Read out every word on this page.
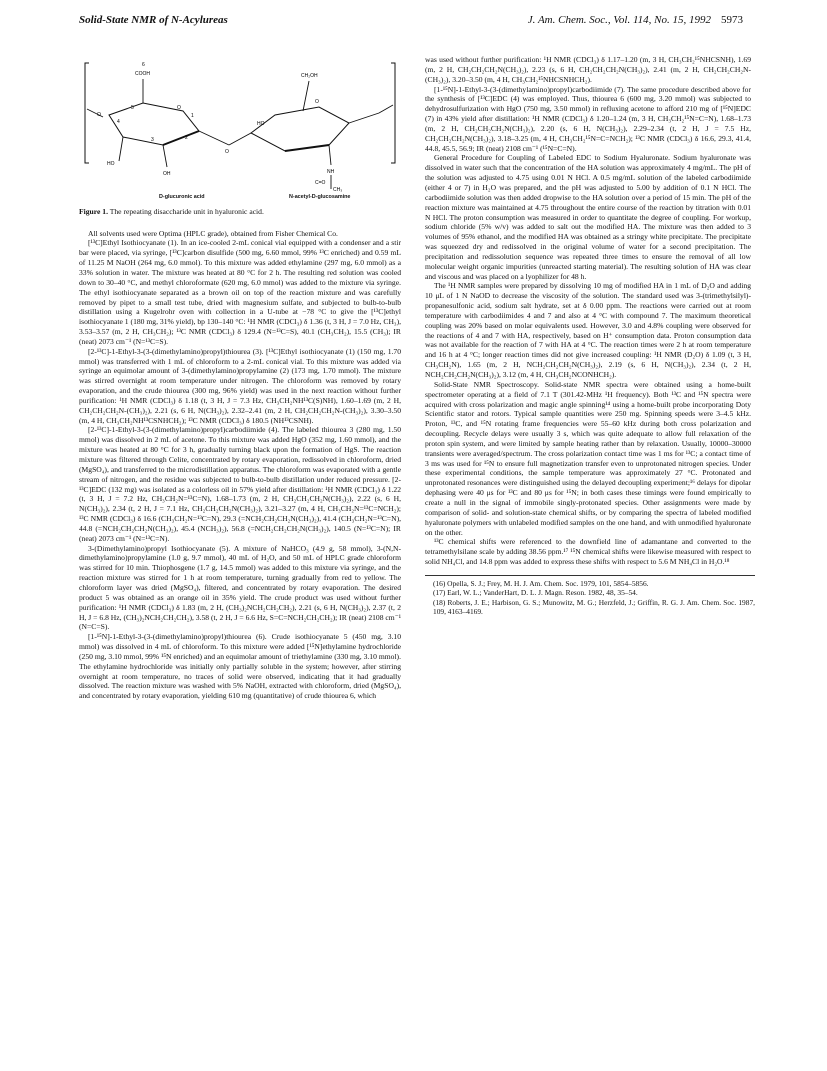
Solid-State NMR of N-Acylureas	J. Am. Chem. Soc., Vol. 114, No. 15, 1992 5973
O
O
COOH
6
5
4
3	2
1
HO
OH
O
O
CH₂OH
HO
NH
C=O
CH₃
D-glucuronic acid	N-acetyl-D-glucosamine

Figure 1. The repeating disaccharide unit in hyaluronic acid.

All solvents used were Optima (HPLC grade), obtained from Fisher Chemical Co.

[¹³C]Ethyl Isothiocyanate (1). In an ice-cooled 2-mL conical vial equipped with a condenser and a stir bar were placed, via syringe, [¹³C]carbon disulfide (500 mg, 6.60 mmol, 99% ¹³C enriched) and 0.59 mL of 11.25 M NaOH (264 mg, 6.0 mmol). To this mixture was added ethylamine (297 mg, 6.0 mmol) as a 33% solution in water. The mixture was heated at 80 °C for 2 h. The resulting red solution was cooled down to 30–40 °C, and methyl chloroformate (620 mg, 6.0 mmol) was added to the mixture via syringe. The ethyl isothiocyanate separated as a brown oil on top of the reaction mixture and was carefully removed by pipet to a small test tube, dried with magnesium sulfate, and subjected to bulb-to-bulb distillation using a Kugelrohr oven with collection in a U-tube at −78 °C to give the [¹³C]ethyl isothiocyanate 1 (180 mg, 31% yield), bp 130–140 °C: ¹H NMR (CDCl₃) δ 1.36 (t, 3 H, J = 7.0 Hz, CH₃), 3.53–3.57 (m, 2 H, CH₃CH₂); ¹³C NMR (CDCl₃) δ 129.4 (N=¹³C=S), 40.1 (CH₃CH₂), 15.5 (CH₃); IR (neat) 2073 cm⁻¹ (N=¹³C=S).

[2-¹³C]-1-Ethyl-3-(3-(dimethylamino)propyl)thiourea (3). [¹³C]Ethyl isothiocyanate (1) (150 mg, 1.70 mmol) was transferred with 1 mL of chloroform to a 2-mL conical vial. To this mixture was added via syringe an equimolar amount of 3-(dimethylamino)propylamine (2) (173 mg, 1.70 mmol). The mixture was stirred overnight at room temperature under nitrogen. The chloroform was removed by rotary evaporation, and the crude thiourea (300 mg, 96% yield) was used in the next reaction without further purification: ¹H NMR (CDCl₃) δ 1.18 (t, 3 H, J = 7.3 Hz, CH₃CH₂NH¹³C(S)NH), 1.60–1.69 (m, 2 H, CH₂CH₂CH₂N-(CH₃)₂), 2.21 (s, 6 H, N(CH₃)₂), 2.32–2.41 (m, 2 H, CH₂CH₂CH₂N-(CH₃)₂), 3.30–3.50 (m, 4 H, CH₃CH₂NH¹³CSNHCH₂); ¹³C NMR (CDCl₃) δ 180.5 (NH¹³CSNH).

[2-¹³C]-1-Ethyl-3-(3-(dimethylamino)propyl)carbodiimide (4). The labeled thiourea 3 (280 mg, 1.50 mmol) was dissolved in 2 mL of acetone. To this mixture was added HgO (352 mg, 1.60 mmol), and the mixture was heated at 80 °C for 3 h, gradually turning black upon the formation of HgS. The reaction mixture was filtered through Celite, concentrated by rotary evaporation, redissolved in chloroform, dried (MgSO₄), and transferred to the microdistillation apparatus. The chloroform was evaporated with a gentle stream of nitrogen, and the residue was subjected to bulb-to-bulb distillation under reduced pressure. [2-¹³C]EDC (132 mg) was isolated as a colorless oil in 57% yield after distillation: ¹H NMR (CDCl₃) δ 1.22 (t, 3 H, J = 7.2 Hz, CH₃CH₂N=¹³C=N), 1.68–1.73 (m, 2 H, CH₂CH₂CH₂N(CH₃)₂), 2.22 (s, 6 H, N(CH₃)₂), 2.34 (t, 2 H, J = 7.1 Hz, CH₂CH₂CH₂N(CH₃)₂), 3.21–3.27 (m, 4 H, CH₃CH₂N=¹³C=NCH₂); ¹³C NMR (CDCl₃) δ 16.6 (CH₃CH₂N=¹³C=N), 29.3 (=NCH₂CH₂CH₂N(CH₃)₂), 41.4 (CH₃CH₂N=¹³C=N), 44.8 (=NCH₂CH₂CH₂N(CH₃)₂), 45.4 (NCH₃)₂), 56.8 (=NCH₂CH₂CH₂N(CH₃)₂), 140.5 (N=¹³C=N); IR (neat) 2073 cm⁻¹ (N=¹³C=N).

3-(Dimethylamino)propyl Isothiocyanate (5). A mixture of NaHCO₃ (4.9 g, 58 mmol), 3-(N,N-dimethylamino)propylamine (1.0 g, 9.7 mmol), 40 mL of H₂O, and 50 mL of HPLC grade chloroform was stirred for 10 min. Thiophosgene (1.7 g, 14.5 mmol) was added to this mixture via syringe, and the reaction mixture was stirred for 1 h at room temperature, turning gradually from red to yellow. The chloroform layer was dried (MgSO₄), filtered, and concentrated by rotary evaporation. The desired product 5 was obtained as an orange oil in 35% yield. The crude product was used without further purification: ¹H NMR (CDCl₃) δ 1.83 (m, 2 H, (CH₃)₂NCH₂CH₂CH₂), 2.21 (s, 6 H, N(CH₃)₂), 2.37 (t, 2 H, J = 6.8 Hz, (CH₃)₂NCH₂CH₂CH₂), 3.58 (t, 2 H, J = 6.6 Hz, S=C=NCH₂CH₂CH₂); IR (neat) 2108 cm⁻¹ (N=C=S).

[1-¹⁵N]-1-Ethyl-3-(3-(dimethylamino)propyl)thiourea (6). Crude isothiocyanate 5 (450 mg, 3.10 mmol) was dissolved in 4 mL of chloroform. To this mixture were added [¹⁵N]ethylamine hydrochloride (250 mg, 3.10 mmol, 99% ¹⁵N enriched) and an equimolar amount of triethylamine (330 mg, 3.10 mmol). The ethylamine hydrochloride was initially only partially soluble in the system; however, after stirring overnight at room temperature, no traces of solid were observed, indicating that it had gradually dissolved. The reaction mixture was washed with 5% NaOH, extracted with chloroform, dried (MgSO₄), and concentrated by rotary evaporation, yielding 610 mg (quantitative) of crude thiourea 6, which

was used without further purification: ¹H NMR (CDCl₃) δ 1.17–1.20 (m, 3 H, CH₃CH₂¹⁵NHCSNH), 1.69 (m, 2 H, CH₂CH₂CH₂N(CH₃)₂), 2.23 (s, 6 H, CH₂CH₂CH₂N(CH₃)₂), 2.41 (m, 2 H, CH₂CH₂CH₂N-(CH₃)₂), 3.20–3.50 (m, 4 H, CH₃CH₂¹⁵NHCSNHCH₂).

[1-¹⁵N]-1-Ethyl-3-(3-(dimethylamino)propyl)carbodiimide (7). The same procedure described above for the synthesis of [¹³C]EDC (4) was employed. Thus, thiourea 6 (600 mg, 3.20 mmol) was subjected to dehydrosulfurization with HgO (750 mg, 3.50 mmol) in refluxing acetone to afford 210 mg of [¹⁵N]EDC (7) in 43% yield after distillation: ¹H NMR (CDCl₃) δ 1.20–1.24 (m, 3 H, CH₃CH₂¹⁵N=C=N), 1.68–1.73 (m, 2 H, CH₂CH₂CH₂N(CH₃)₂), 2.20 (s, 6 H, N(CH₃)₂), 2.29–2.34 (t, 2 H, J = 7.5 Hz, CH₂CH₂CH₂N(CH₃)₂), 3.18–3.25 (m, 4 H, CH₃CH₂¹⁵N=C=NCH₂); ¹³C NMR (CDCl₃) δ 16.6, 29.3, 41.4, 44.8, 45.5, 56.9; IR (neat) 2108 cm⁻¹ (¹⁵N=C=N).

General Procedure for Coupling of Labeled EDC to Sodium Hyaluronate. Sodium hyaluronate was dissolved in water such that the concentration of the HA solution was approximately 4 mg/mL. The pH of the solution was adjusted to 4.75 using 0.01 N HCl. A 0.5 mg/mL solution of the labeled carbodiimide (either 4 or 7) in H₂O was prepared, and the pH was adjusted to 5.00 by addition of 0.1 N HCl. The carbodiimide solution was then added dropwise to the HA solution over a period of 15 min. The pH of the reaction mixture was maintained at 4.75 throughout the entire course of the reaction by titration with 0.01 N HCl. The proton consumption was measured in order to quantitate the degree of coupling. For workup, sodium chloride (5% w/v) was added to salt out the modified HA. The mixture was then added to 3 volumes of 95% ethanol, and the modified HA was obtained as a stringy white precipitate. The precipitate was squeezed dry and redissolved in the original volume of water for a second precipitation. The precipitation and redissolution sequence was repeated three times to ensure the removal of all low molecular weight organic impurities (unreacted starting material). The resulting solution of HA was clear and viscous and was placed on a lyophilizer for 48 h.

The ¹H NMR samples were prepared by dissolving 10 mg of modified HA in 1 mL of D₂O and adding 10 μL of 1 N NaOD to decrease the viscosity of the solution. The standard used was 3-(trimethylsilyl)-propanesulfonic acid, sodium salt hydrate, set at δ 0.00 ppm. The reactions were carried out at room temperature with carbodiimides 4 and 7 and also at 4 °C with compound 7. The maximum theoretical coupling was 20% based on molar equivalents used. However, 3.0 and 4.8% coupling were observed for the reactions of 4 and 7 with HA, respectively, based on H⁺ consumption data. Proton consumption data was not available for the reaction of 7 with HA at 4 °C. The reaction times were 2 h at room temperature and 16 h at 4 °C; longer reaction times did not give increased coupling: ¹H NMR (D₂O) δ 1.09 (t, 3 H, CH₃CH₂N), 1.65 (m, 2 H, NCH₂CH₂CH₂N(CH₃)₂), 2.19 (s, 6 H, N(CH₃)₂), 2.34 (t, 2 H, NCH₂CH₂CH₂N(CH₃)₂), 3.12 (m, 4 H, CH₃CH₂NCONHCH₂).

Solid-State NMR Spectroscopy. Solid-state NMR spectra were obtained using a home-built spectrometer operating at a field of 7.1 T (301.42-MHz ¹H frequency). Both ¹³C and ¹⁵N spectra were acquired with cross polarization and magic angle spinning¹⁴ using a home-built probe incorporating Doty Scientific stator and rotors. Typical sample quantities were 250 mg. Spinning speeds were 3–4.5 kHz. Proton, ¹³C, and ¹⁵N rotating frame frequencies were 55–60 kHz during both cross polarization and decoupling. Recycle delays were usually 3 s, which was quite adequate to allow full relaxation of the proton spin system, and were limited by sample heating rather than by relaxation. Usually, 10000–30000 transients were averaged/spectrum. The cross polarization contact time was 1 ms for ¹³C; a contact time of 3 ms was used for ¹⁵N to ensure full magnetization transfer even to unprotonated nitrogen species. Under these experimental conditions, the sample temperature was approximately 27 °C. Protonated and unprotonated resonances were distinguished using the delayed decoupling experiment;¹⁶ delays for dipolar dephasing were 40 μs for ¹³C and 80 μs for ¹⁵N; in both cases these timings were found empirically to create a null in the signal of immobile singly-protonated species. Other assignments were made by comparison of solid- and solution-state chemical shifts, or by comparing the spectra of labeled modified hyaluronate polymers with unlabeled modified samples on the one hand, and with unmodified hyaluronate on the other.

¹³C chemical shifts were referenced to the downfield line of adamantane and converted to the tetramethylsilane scale by adding 38.56 ppm.¹⁷ ¹⁵N chemical shifts were likewise measured with respect to solid NH₄Cl, and 14.8 ppm was added to express these shifts with respect to 5.6 M NH₄Cl in H₂O.¹⁸

(16) Opella, S. J.; Frey, M. H. J. Am. Chem. Soc. 1979, 101, 5854–5856.

(17) Earl, W. L.; VanderHart, D. L. J. Magn. Reson. 1982, 48, 35–54.

(18) Roberts, J. E.; Harbison, G. S.; Munowitz, M. G.; Herzfeld, J.; Griffin, R. G. J. Am. Chem. Soc. 1987, 109, 4163–4169.
